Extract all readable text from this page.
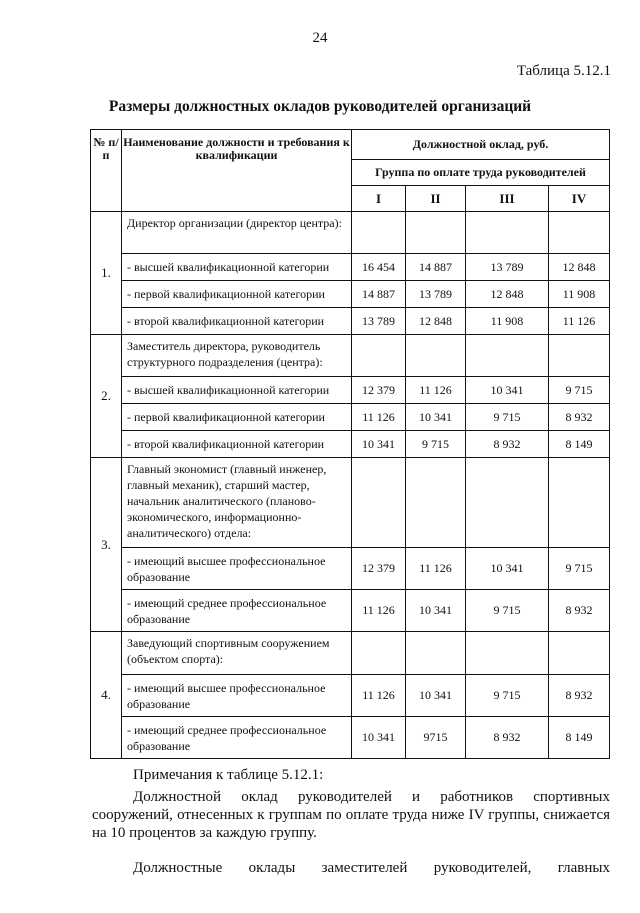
24
Таблица 5.12.1
Размеры должностных окладов руководителей организаций
№ п/п	Наименование должности и требования к квалификации	Должностной оклад, руб.			
		Группа по оплате труда руководителей			
		I	II	III	IV
1.	Директор организации (директор центра):				
	- высшей квалификационной категории	16 454	14 887	13 789	12 848
	- первой квалификационной категории	14 887	13 789	12 848	11 908
	- второй квалификационной категории	13 789	12 848	11 908	11 126
2.	Заместитель директора, руководитель структурного подразделения (центра):				
	- высшей квалификационной категории	12 379	11 126	10 341	9 715
	- первой квалификационной категории	11 126	10 341	9 715	8 932
	- второй квалификационной категории	10 341	9 715	8 932	8 149
3.	Главный экономист (главный инженер, главный механик), старший мастер, начальник аналитического (планово-экономического, информационно-аналитического) отдела:				
	- имеющий высшее профессиональное образование	12 379	11 126	10 341	9 715
	- имеющий среднее профессиональное образование	11 126	10 341	9 715	8 932
4.	Заведующий спортивным сооружением (объектом спорта):				
	- имеющий высшее профессиональное образование	11 126	10 341	9 715	8 932
	- имеющий среднее профессиональное образование	10 341	9715	8 932	8 149
Примечания к таблице 5.12.1:
Должностной оклад руководителей и работников спортивных сооружений, отнесенных к группам по оплате труда ниже IV группы, снижается на 10 процентов за каждую группу.
Должностные оклады заместителей руководителей, главных
